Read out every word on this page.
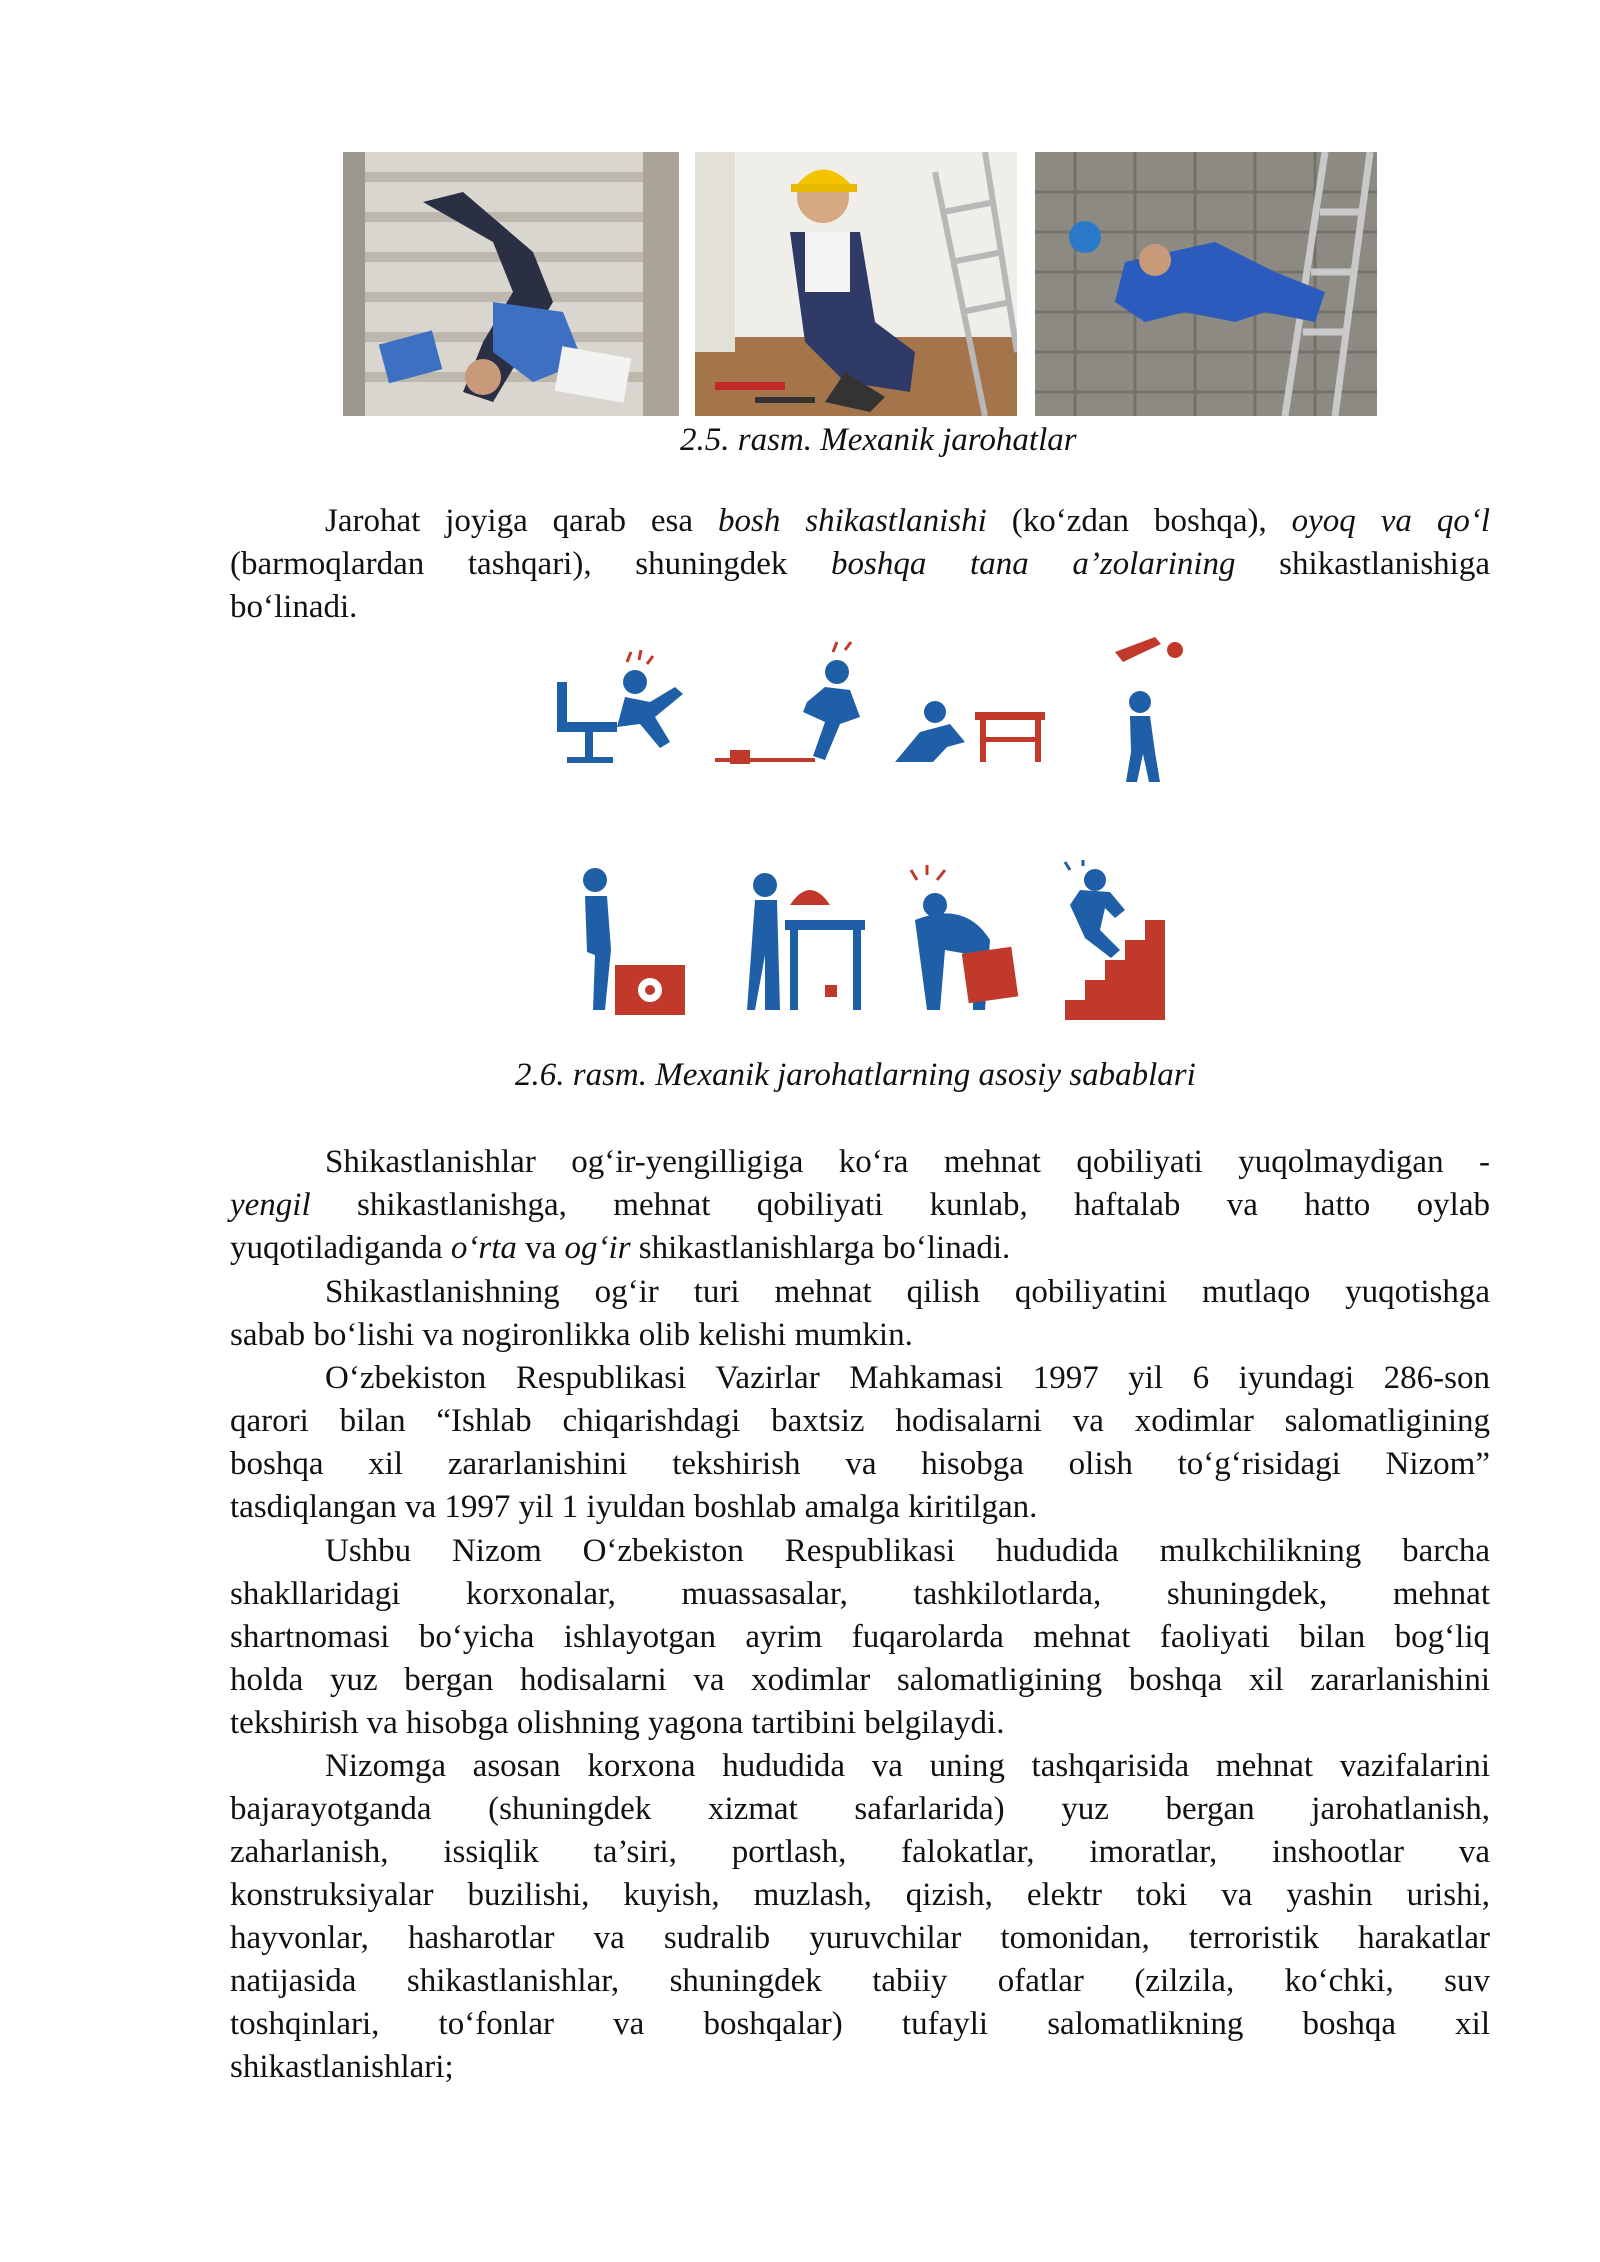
2.5. rasm. Mexanik jarohatlar

Jarohat joyiga qarab esa bosh shikastlanishi (koʻzdan boshqa), oyoq va qoʻl
(barmoqlardan tashqari), shuningdek boshqa tana a’zolarining shikastlanishiga
boʻlinadi.

2.6. rasm. Mexanik jarohatlarning asosiy sabablari

Shikastlanishlar ogʻir-yengilligiga koʻra mehnat qobiliyati yuqolmaydigan -
yengil shikastlanishga, mehnat qobiliyati kunlab, haftalab va hatto oylab
yuqotiladiganda oʻrta va ogʻir shikastlanishlarga boʻlinadi.

Shikastlanishning ogʻir turi mehnat qilish qobiliyatini mutlaqo yuqotishga
sabab boʻlishi va nogironlikka olib kelishi mumkin.

Oʻzbekiston Respublikasi Vazirlar Mahkamasi 1997 yil 6 iyundagi 286-son
qarori bilan “Ishlab chiqarishdagi baxtsiz hodisalarni va xodimlar salomatligining
boshqa xil zararlanishini tekshirish va hisobga olish toʻgʻrisidagi Nizom”
tasdiqlangan va 1997 yil 1 iyuldan boshlab amalga kiritilgan.

Ushbu Nizom Oʻzbekiston Respublikasi hududida mulkchilikning barcha
shakllaridagi korxonalar, muassasalar, tashkilotlarda, shuningdek, mehnat
shartnomasi boʻyicha ishlayotgan ayrim fuqarolarda mehnat faoliyati bilan bogʻliq
holda yuz bergan hodisalarni va xodimlar salomatligining boshqa xil zararlanishini
tekshirish va hisobga olishning yagona tartibini belgilaydi.

Nizomga asosan korxona hududida va uning tashqarisida mehnat vazifalarini
bajarayotganda (shuningdek xizmat safarlarida) yuz bergan jarohatlanish,
zaharlanish, issiqlik ta’siri, portlash, falokatlar, imoratlar, inshootlar va
konstruksiyalar buzilishi, kuyish, muzlash, qizish, elektr toki va yashin urishi,
hayvonlar, hasharotlar va sudralib yuruvchilar tomonidan, terroristik harakatlar
natijasida shikastlanishlar, shuningdek tabiiy ofatlar (zilzila, koʻchki, suv
toshqinlari, toʻfonlar va boshqalar) tufayli salomatlikning boshqa xil
shikastlanishlari;
